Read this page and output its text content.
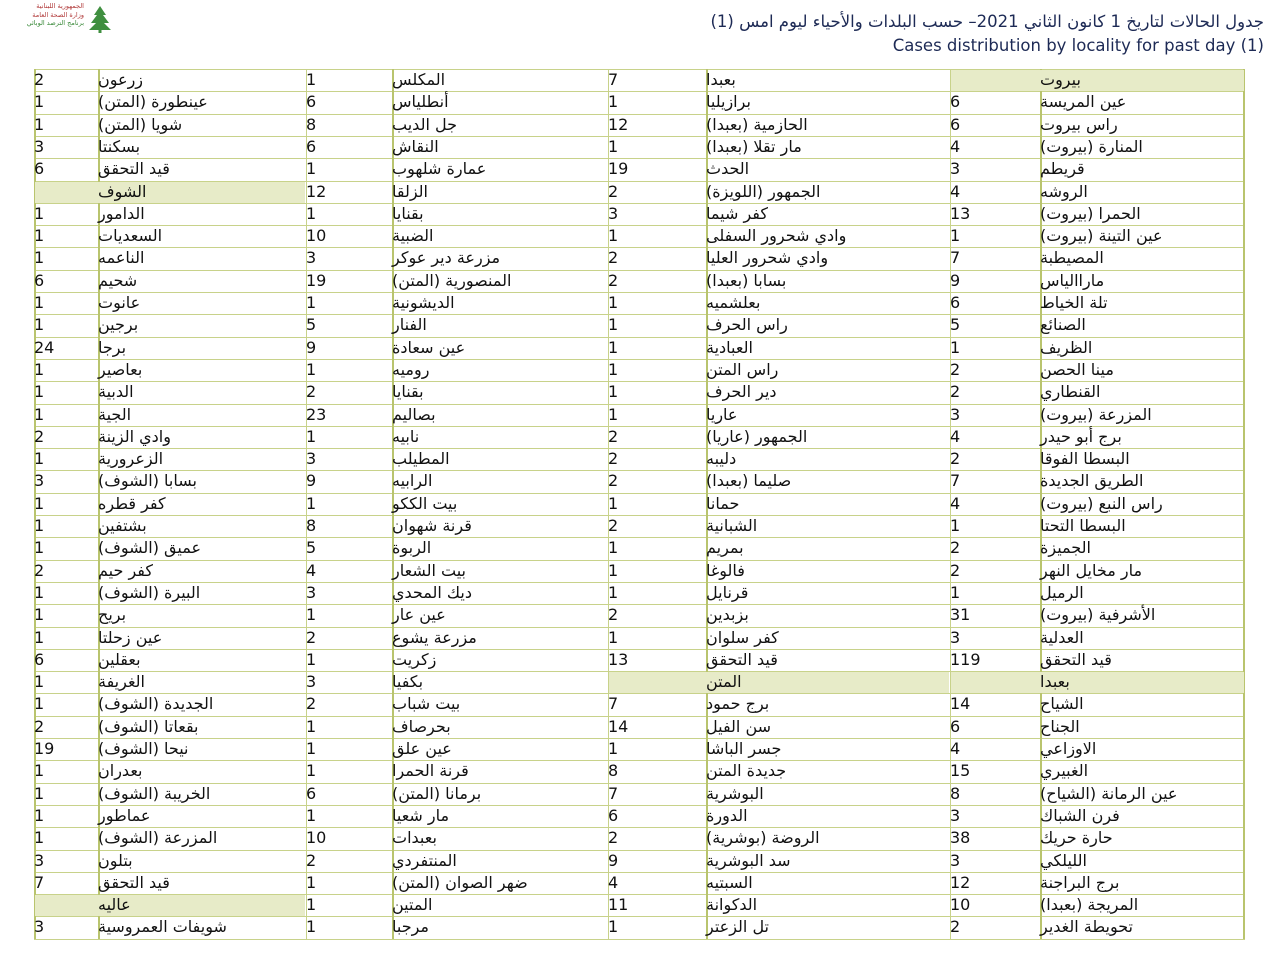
الجمهورية اللبنانية
وزارة الصحة العامة
برنامج الترصد الوبائي	جدول الحالات لتاريخ 1 كانون الثاني 2021– حسب البلدات والأحياء ليوم امس (1)
Cases distribution by locality for past day (1)
بيروت
عين المريسة
6
راس بيروت
6
المنارة (بيروت)
4
قريطم
3
الروشه
4
الحمرا (بيروت)
13
عين التينة (بيروت)
1
المصيطبة
7
ماراالياس
9
تلة الخياط
6
الصنائع
5
الظريف
1
مينا الحصن
2
القنطاري
2
المزرعة (بيروت)
3
برج أبو حيدر
4
البسطا الفوقا
2
الطريق الجديدة
7
راس النبع (بيروت)
4
البسطا التحتا
1
الجميزة
2
مار مخايل النهر
2
الرميل
1
الأشرفية (بيروت)
31
العدلية
3
قيد التحقق
119
بعبدا
الشياح
14
الجناح
6
الاوزاعي
4
الغبيري
15
عين الرمانة (الشياح)
8
فرن الشباك
3
حارة حريك
38
الليلكي
3
برج البراجنة
12
المريجة (بعبدا)
10
تحويطة الغدير
2
بعبدا
7
برازيليا
1
الحازمية (بعبدا)
12
مار تقلا (بعبدا)
1
الحدث
19
الجمهور (اللويزة)
2
كفر شيما
3
وادي شحرور السفلى
1
وادي شحرور العليا
2
بسابا (بعبدا)
2
بعلشميه
1
راس الحرف
1
العبادية
1
راس المتن
1
دير الحرف
1
عاريا
1
الجمهور (عاريا)
2
دليبه
2
صليما (بعبدا)
2
حمانا
1
الشبانية
2
بمريم
1
فالوغا
1
قرنايل
1
بزبدين
2
كفر سلوان
1
قيد التحقق
13
المتن
برج حمود
7
سن الفيل
14
جسر الباشا
1
جديدة المتن
8
البوشرية
7
الدورة
6
الروضة (بوشرية)
2
سد البوشرية
9
السبتيه
4
الدكوانة
11
تل الزعتر
1
المكلس
1
أنطلياس
6
جل الديب
8
النقاش
6
عمارة شلهوب
1
الزلقا
12
بقنايا
1
الضبية
10
مزرعة دير عوكر
3
المنصورية (المتن)
19
الديشونية
1
الفنار
5
عين سعادة
9
روميه
1
بقنايا
2
بصاليم
23
نابيه
1
المطيلب
3
الرابيه
9
بيت الككو
1
قرنة شهوان
8
الربوة
5
بيت الشعار
4
ديك المحدي
3
عين عار
1
مزرعة يشوع
2
زكريت
1
بكفيا
3
بيت شباب
2
بحرصاف
1
عين علق
1
قرنة الحمرا
1
برمانا (المتن)
6
مار شعيا
1
بعبدات
10
المنتفردي
2
ضهر الصوان (المتن)
1
المتين
1
مرجبا
1
زرعون
2
عينطورة (المتن)
1
شويا (المتن)
1
بسكنتا
3
قيد التحقق
6
الشوف
الدامور
1
السعديات
1
الناعمه
1
شحيم
6
عانوت
1
برجين
1
برجا
24
بعاصير
1
الدبية
1
الجية
1
وادي الزينة
2
الزعرورية
1
بسابا (الشوف)
3
كفر قطره
1
بشتفين
1
عميق (الشوف)
1
كفر حيم
2
البيرة (الشوف)
1
بريح
1
عين زحلتا
1
بعقلين
6
الغريفة
1
الجديدة (الشوف)
1
بقعاتا (الشوف)
2
نيحا (الشوف)
19
بعدران
1
الخريبة (الشوف)
1
عماطور
1
المزرعة (الشوف)
1
بتلون
3
قيد التحقق
7
عاليه
شويفات العمروسية
3
